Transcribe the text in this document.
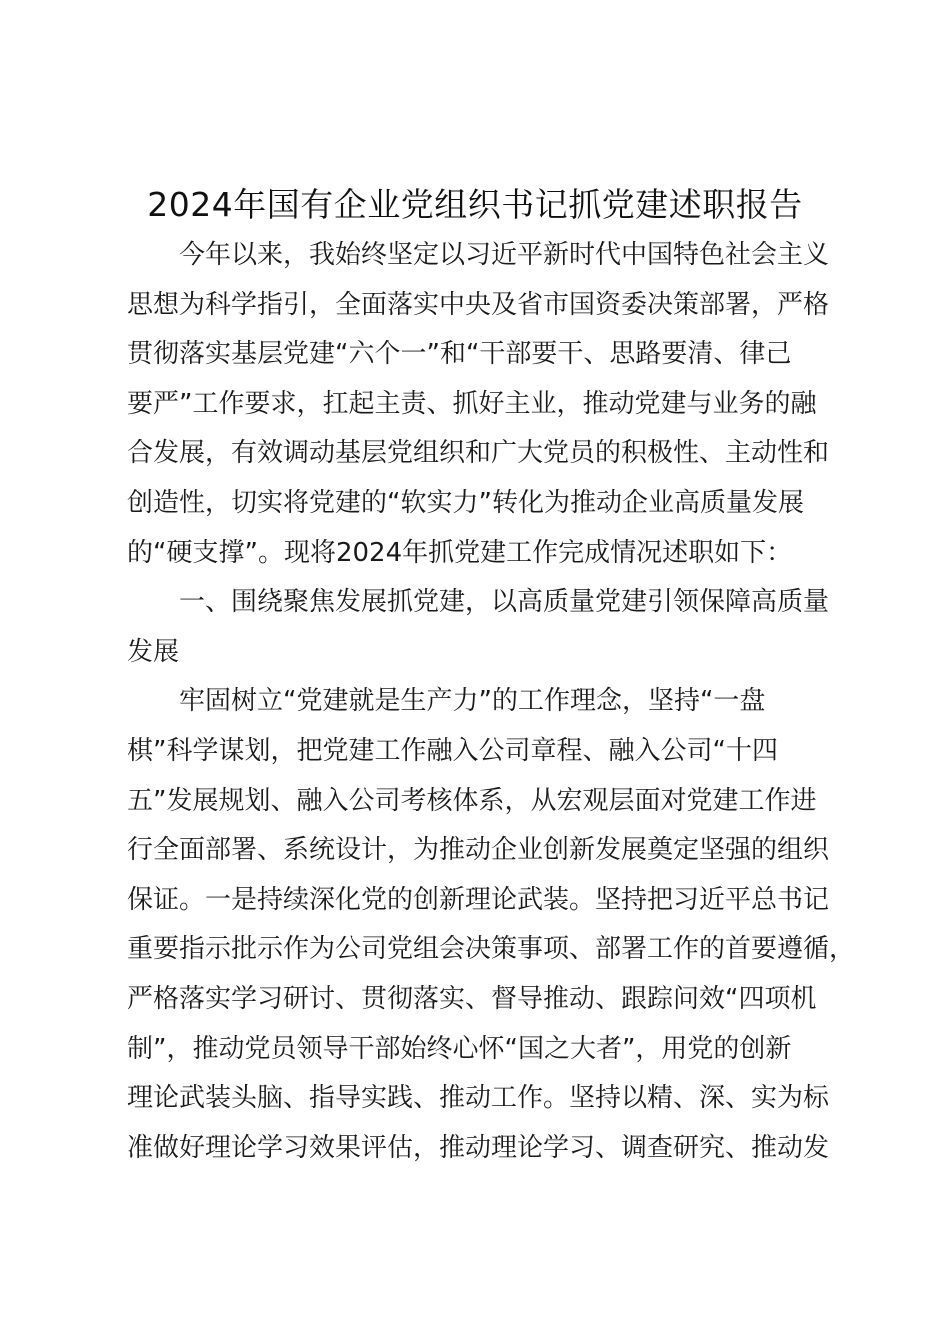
2024年国有企业党组织书记抓党建述职报告
今年以来，我始终坚定以习近平新时代中国特色社会主义
思想为科学指引，全面落实中央及省市国资委决策部署，严格
贯彻落实基层党建“六个一”和“干部要干、思路要清、律己
要严”工作要求，扛起主责、抓好主业，推动党建与业务的融
合发展，有效调动基层党组织和广大党员的积极性、主动性和
创造性，切实将党建的“软实力”转化为推动企业高质量发展
的“硬支撑”。现将2024年抓党建工作完成情况述职如下：
一、围绕聚焦发展抓党建，以高质量党建引领保障高质量
发展
牢固树立“党建就是生产力”的工作理念，坚持“一盘
棋”科学谋划，把党建工作融入公司章程、融入公司“十四
五”发展规划、融入公司考核体系，从宏观层面对党建工作进
行全面部署、系统设计，为推动企业创新发展奠定坚强的组织
保证。一是持续深化党的创新理论武装。坚持把习近平总书记
重要指示批示作为公司党组会决策事项、部署工作的首要遵循，
严格落实学习研讨、贯彻落实、督导推动、跟踪问效“四项机
制”，推动党员领导干部始终心怀“国之大者”，用党的创新
理论武装头脑、指导实践、推动工作。坚持以精、深、实为标
准做好理论学习效果评估，推动理论学习、调查研究、推动发
